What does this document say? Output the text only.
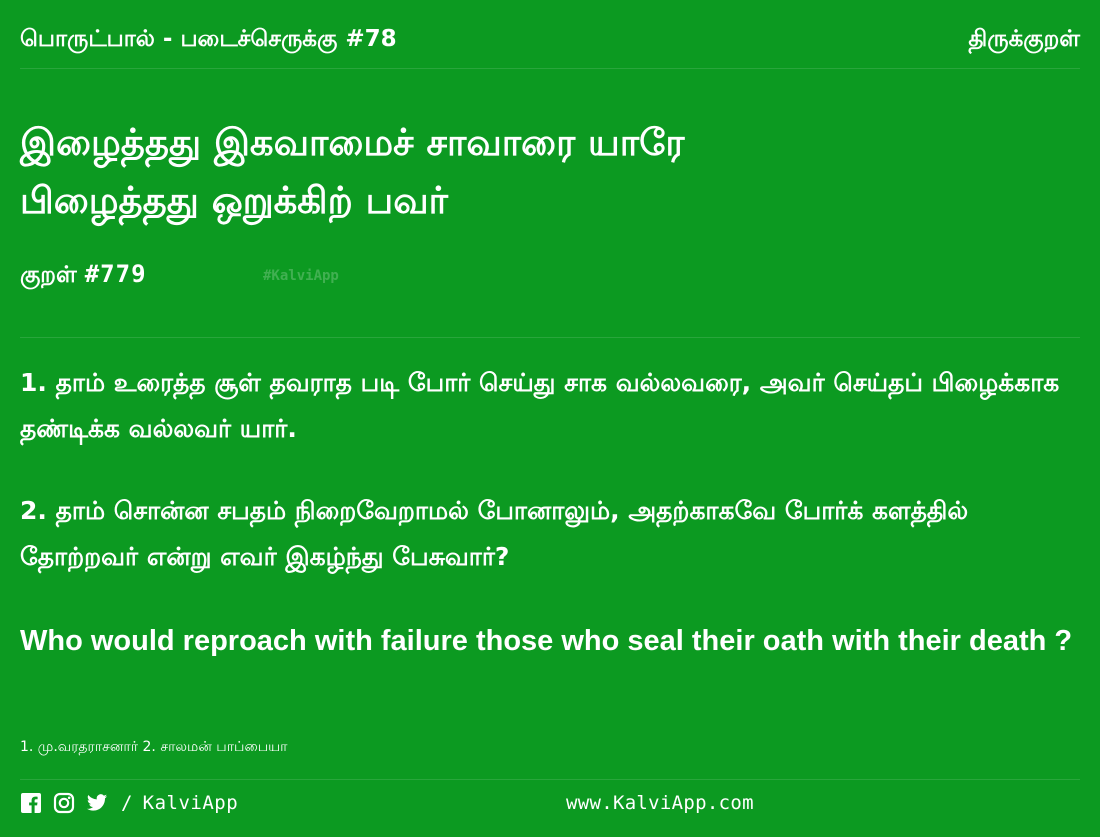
பொருட்பால் - படைச்செருக்கு #78	திருக்குறள்
இழைத்தது இகவாமைச் சாவாரை யாரே
பிழைத்தது ஒறுக்கிற் பவர்
குறள் #779	#KalviApp
1. தாம் உரைத்த சூள் தவராத படி போர் செய்து சாக வல்லவரை, அவர் செய்தப் பிழைக்காக தண்டிக்க வல்லவர் யார்.
2. தாம் சொன்ன சபதம் நிறைவேறாமல் போனாலும், அதற்காகவே போர்க் களத்தில் தோற்றவர் என்று எவர் இகழ்ந்து பேசுவார்?
Who would reproach with failure those who seal their oath with their death ?
1. மு.வரதராசனார் 2. சாலமன் பாப்பையா
/
KalviApp	www.KalviApp.com
